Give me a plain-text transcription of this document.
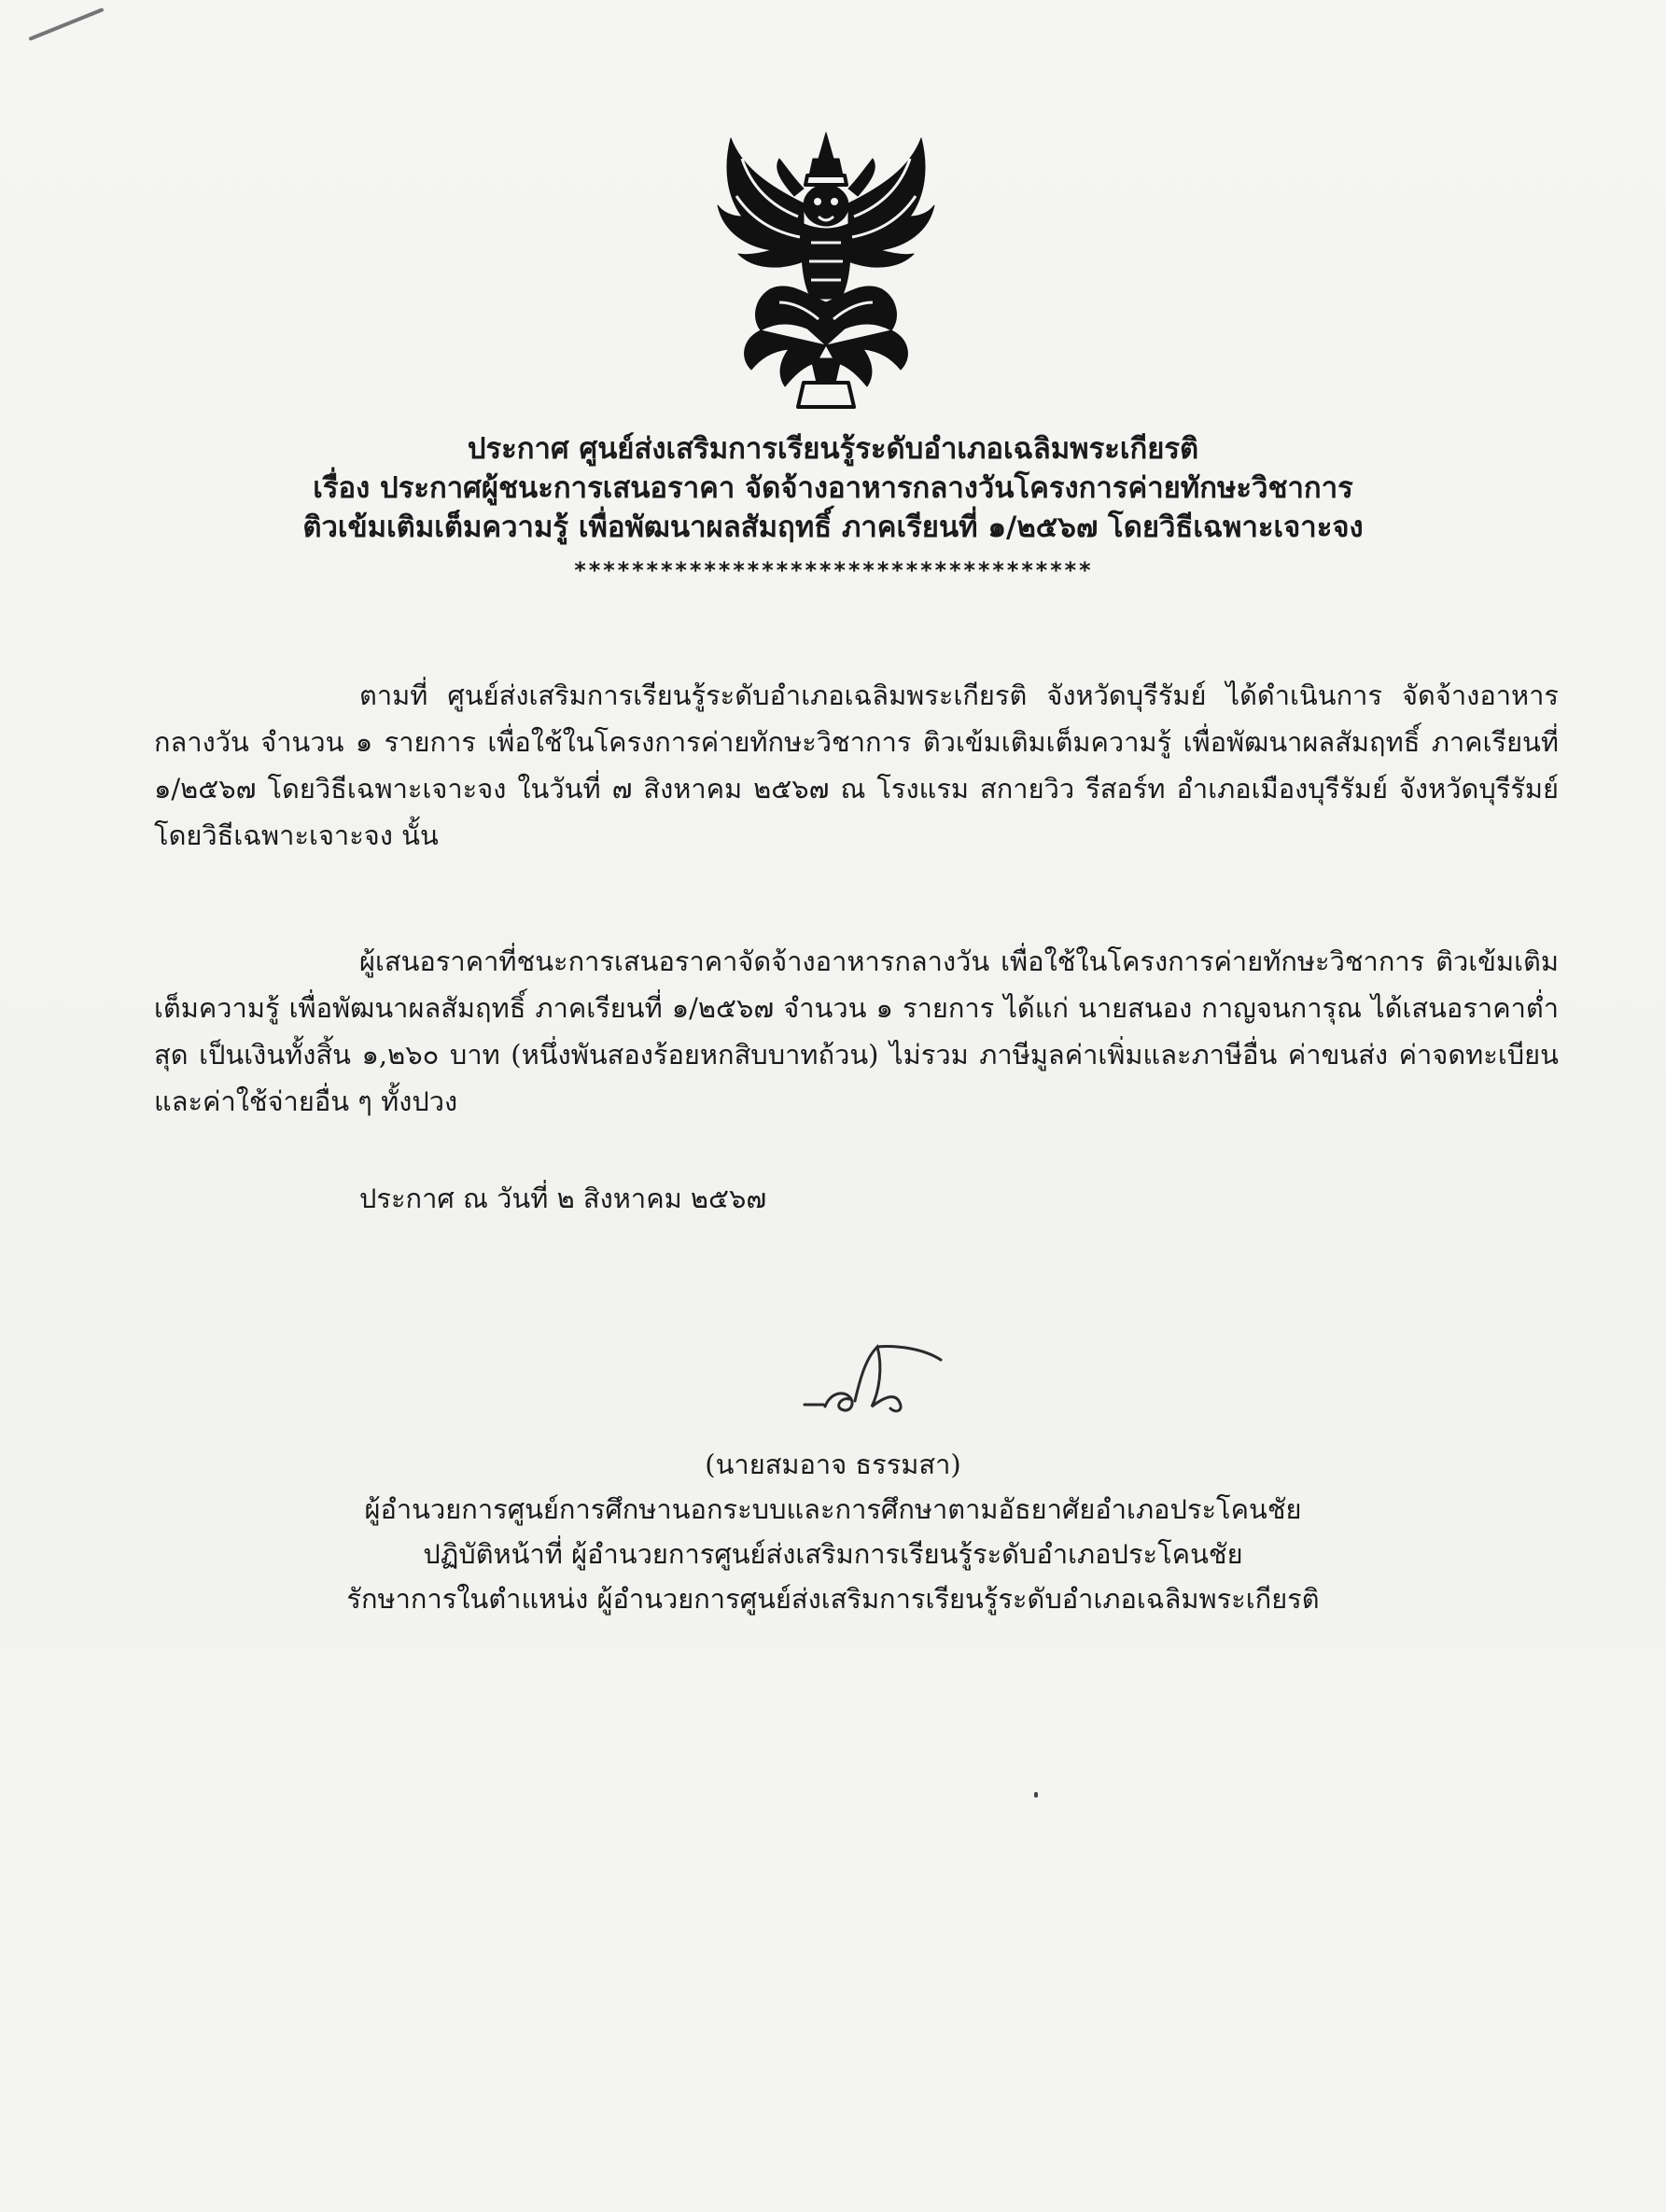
ประกาศ ศูนย์ส่งเสริมการเรียนรู้ระดับอำเภอเฉลิมพระเกียรติ
เรื่อง ประกาศผู้ชนะการเสนอราคา จัดจ้างอาหารกลางวันโครงการค่ายทักษะวิชาการ
ติวเข้มเติมเต็มความรู้ เพื่อพัฒนาผลสัมฤทธิ์ ภาคเรียนที่ ๑/๒๕๖๗ โดยวิธีเฉพาะเจาะจง
************************************
ตามที่ ศูนย์ส่งเสริมการเรียนรู้ระดับอำเภอเฉลิมพระเกียรติ จังหวัดบุรีรัมย์ ได้ดำเนินการ จัดจ้างอาหารกลางวัน จำนวน ๑ รายการ เพื่อใช้ในโครงการค่ายทักษะวิชาการ ติวเข้มเติมเต็มความรู้ เพื่อพัฒนาผลสัมฤทธิ์ ภาคเรียนที่ ๑/๒๕๖๗ โดยวิธีเฉพาะเจาะจง ในวันที่ ๗ สิงหาคม ๒๕๖๗ ณ โรงแรม สกายวิว รีสอร์ท อำเภอเมืองบุรีรัมย์ จังหวัดบุรีรัมย์ โดยวิธีเฉพาะเจาะจง นั้น
ผู้เสนอราคาที่ชนะการเสนอราคาจัดจ้างอาหารกลางวัน เพื่อใช้ในโครงการค่ายทักษะวิชาการ ติวเข้มเติมเต็มความรู้ เพื่อพัฒนาผลสัมฤทธิ์ ภาคเรียนที่ ๑/๒๕๖๗ จำนวน ๑ รายการ ได้แก่ นายสนอง กาญจนการุณ ได้เสนอราคาต่ำสุด เป็นเงินทั้งสิ้น ๑,๒๖๐ บาท (หนึ่งพันสองร้อยหกสิบบาทถ้วน) ไม่รวม ภาษีมูลค่าเพิ่มและภาษีอื่น ค่าขนส่ง ค่าจดทะเบียน และค่าใช้จ่ายอื่น ๆ ทั้งปวง
ประกาศ ณ วันที่ ๒ สิงหาคม ๒๕๖๗
(นายสมอาจ ธรรมสา)
ผู้อำนวยการศูนย์การศึกษานอกระบบและการศึกษาตามอัธยาศัยอำเภอประโคนชัย
ปฏิบัติหน้าที่ ผู้อำนวยการศูนย์ส่งเสริมการเรียนรู้ระดับอำเภอประโคนชัย
รักษาการในตำแหน่ง ผู้อำนวยการศูนย์ส่งเสริมการเรียนรู้ระดับอำเภอเฉลิมพระเกียรติ
